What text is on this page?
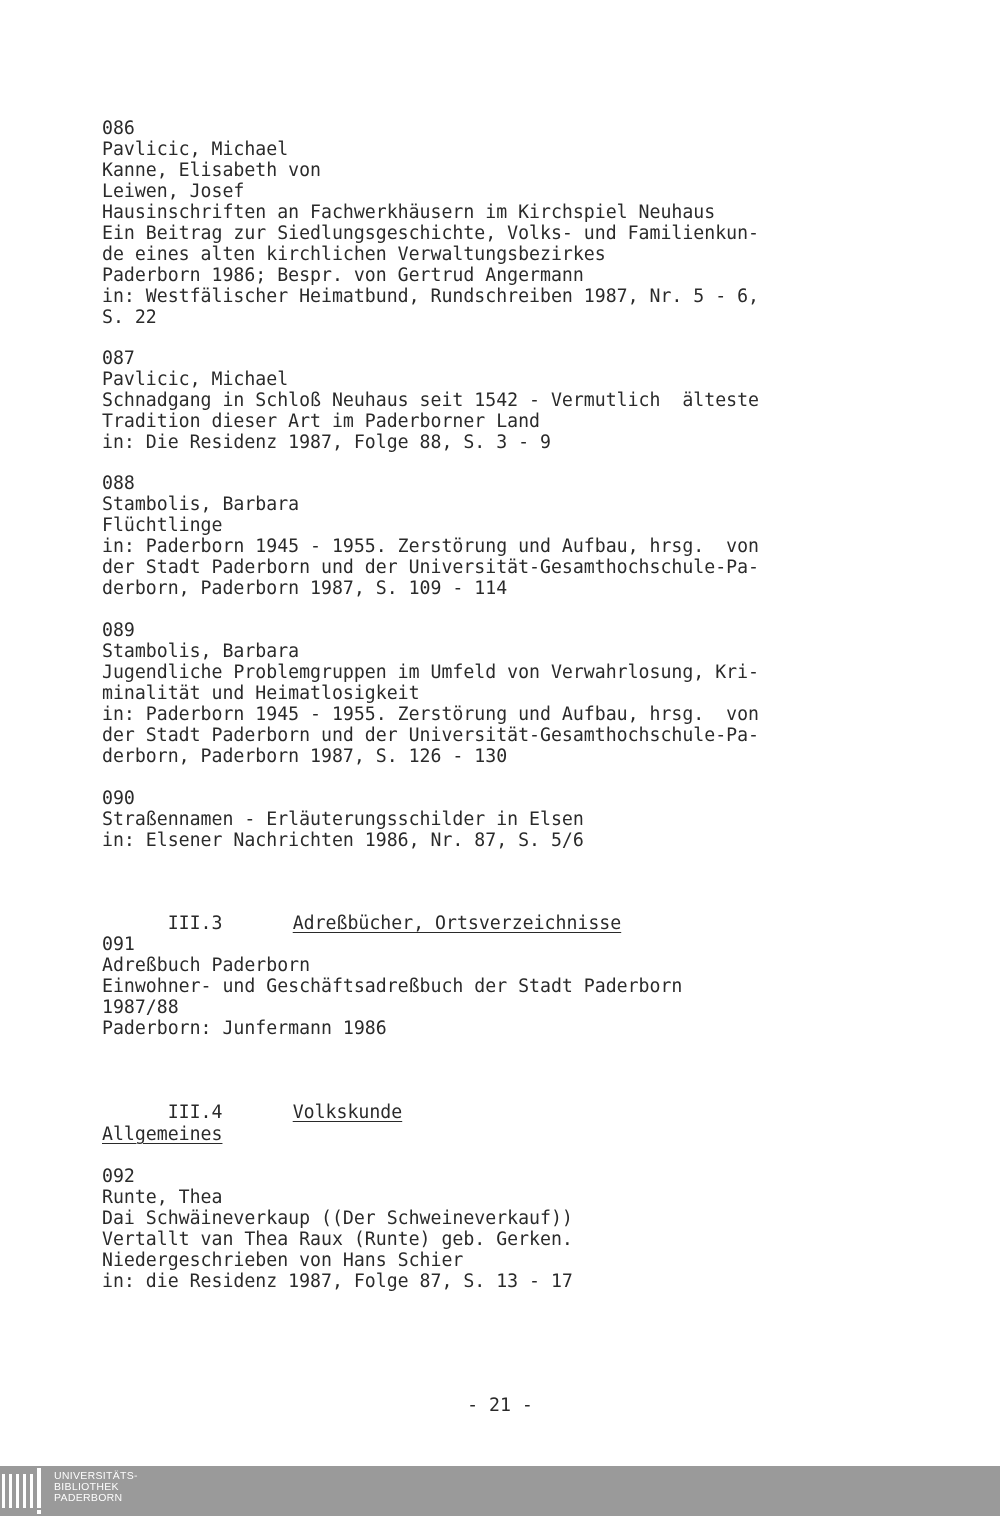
086
Pavlicic, Michael
Kanne, Elisabeth von
Leiwen, Josef
Hausinschriften an Fachwerkhäusern im Kirchspiel Neuhaus
Ein Beitrag zur Siedlungsgeschichte, Volks- und Familienkun-
de eines alten kirchlichen Verwaltungsbezirkes
Paderborn 1986; Bespr. von Gertrud Angermann
in: Westfälischer Heimatbund, Rundschreiben 1987, Nr. 5 - 6,
S. 22
087
Pavlicic, Michael
Schnadgang in Schloß Neuhaus seit 1542 - Vermutlich  älteste
Tradition dieser Art im Paderborner Land
in: Die Residenz 1987, Folge 88, S. 3 - 9
088
Stambolis, Barbara
Flüchtlinge
in: Paderborn 1945 - 1955. Zerstörung und Aufbau, hrsg.  von
der Stadt Paderborn und der Universität-Gesamthochschule-Pa-
derborn, Paderborn 1987, S. 109 - 114
089
Stambolis, Barbara
Jugendliche Problemgruppen im Umfeld von Verwahrlosung, Kri-
minalität und Heimatlosigkeit
in: Paderborn 1945 - 1955. Zerstörung und Aufbau, hrsg.  von
der Stadt Paderborn und der Universität-Gesamthochschule-Pa-
derborn, Paderborn 1987, S. 126 - 130
090
Straßennamen - Erläuterungsschilder in Elsen
in: Elsener Nachrichten 1986, Nr. 87, S. 5/6

III.3	Adreßbücher, Ortsverzeichnisse

091
Adreßbuch Paderborn
Einwohner- und Geschäftsadreßbuch der Stadt Paderborn
1987/88
Paderborn: Junfermann 1986

III.4	Volkskunde

Allgemeines
092
Runte, Thea
Dai Schwäineverkaup ((Der Schweineverkauf))
Vertallt van Thea Raux (Runte) geb. Gerken.
Niedergeschrieben von Hans Schier
in: die Residenz 1987, Folge 87, S. 13 - 17
- 21 -
UNIVERSITÄTS-
BIBLIOTHEK
PADERBORN
